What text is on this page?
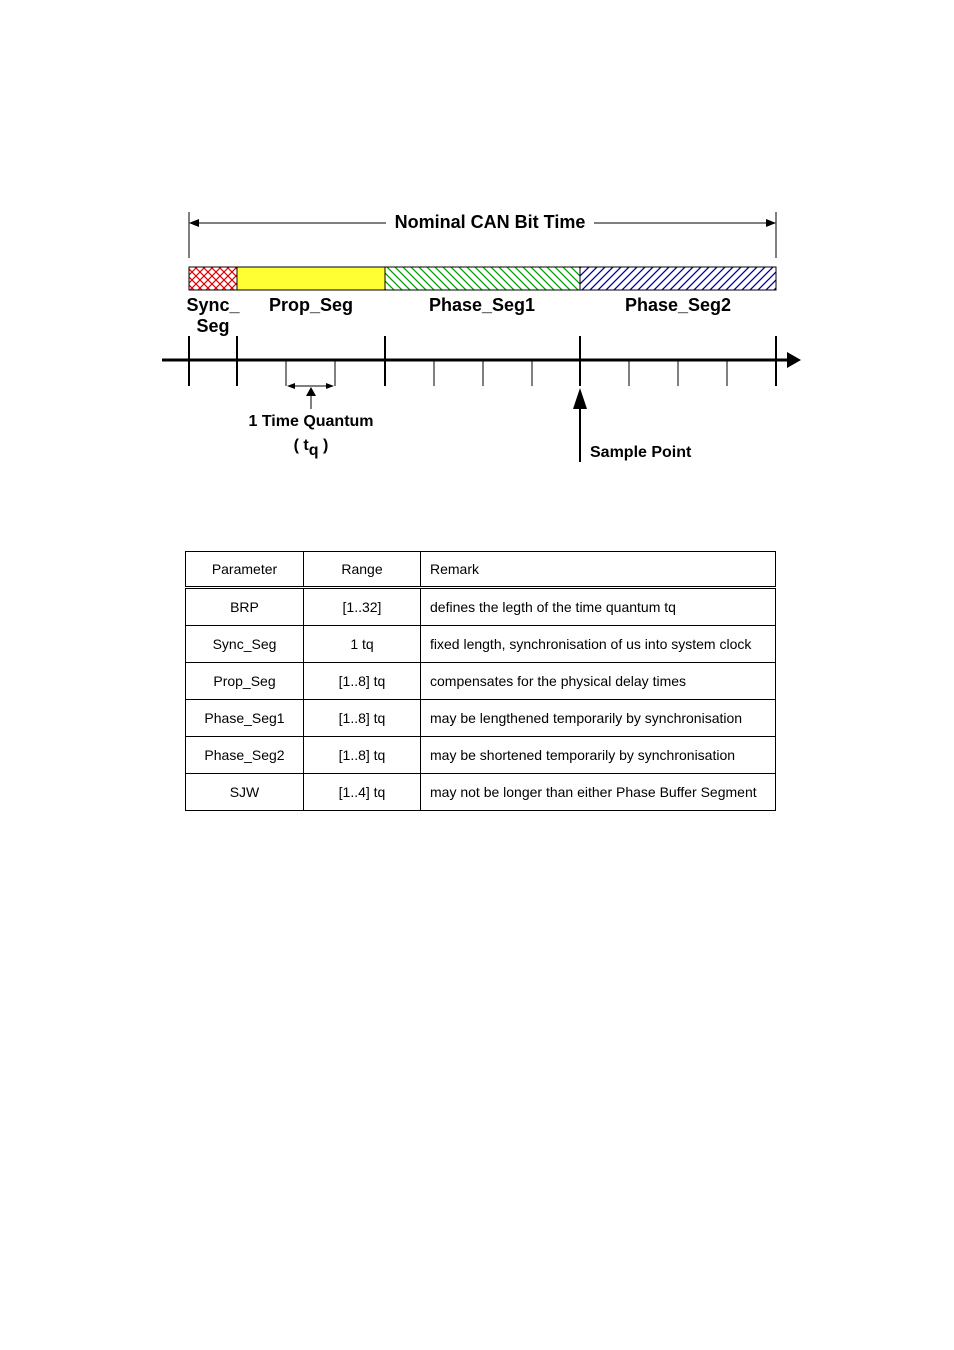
Nominal CAN Bit Time
Sync_
Seg
Prop_Seg	Phase_Seg1	Phase_Seg2
1 Time Quantum
( tq )	Sample Point
Parameter	Range	Remark
BRP	[1..32]	defines the legth of the time quantum tq
Sync_Seg	1 tq	fixed length, synchronisation of us into system clock
Prop_Seg	[1..8] tq	compensates for the physical delay times
Phase_Seg1	[1..8] tq	may be lengthened temporarily by synchronisation
Phase_Seg2	[1..8] tq	may be shortened temporarily by synchronisation
SJW	[1..4] tq	may not be longer than either Phase Buffer Segment
